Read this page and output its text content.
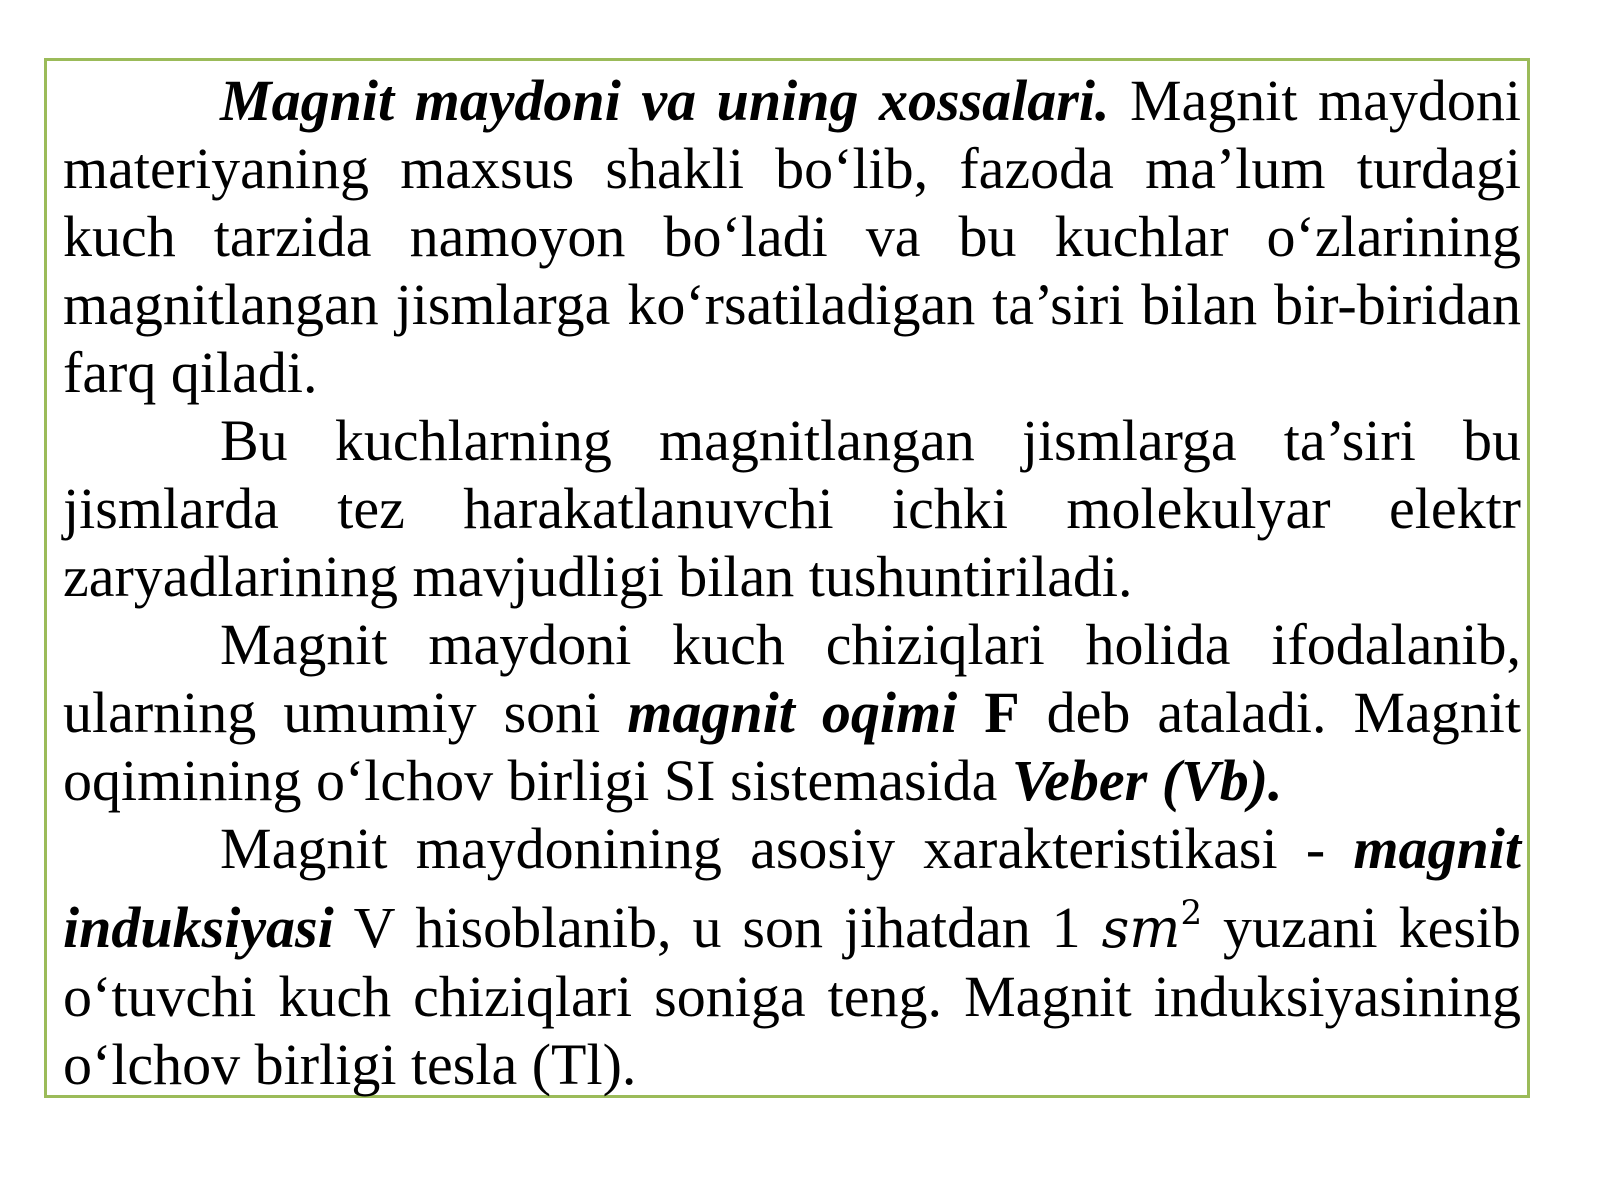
Magnit maydoni va uning xossalari. Magnit maydoni materiyaning maxsus shakli bo‘lib, fazoda ma’lum turdagi kuch tarzida namoyon bo‘ladi va bu kuchlar o‘zlarining magnitlangan jismlarga ko‘rsatiladigan ta’siri bilan bir-biridan farq qiladi.

Bu kuchlarning magnitlangan jismlarga ta’siri bu jismlarda tez harakatlanuvchi ichki molekulyar elektr zaryadlarining mavjudligi bilan tushuntiriladi.

Magnit maydoni kuch chiziqlari holida ifodalanib, ularning umumiy soni magnit oqimi F deb ataladi. Magnit oqimining o‘lchov birligi SI sistemasida Veber (Vb).

Magnit maydonining asosiy xarakteristikasi - magnit induksiyasi V hisoblanib, u son jihatdan 1 $sm^2$ yuzani kesib o‘tuvchi kuch chiziqlari soniga teng. Magnit induksiyasining o‘lchov birligi tesla (Tl).
